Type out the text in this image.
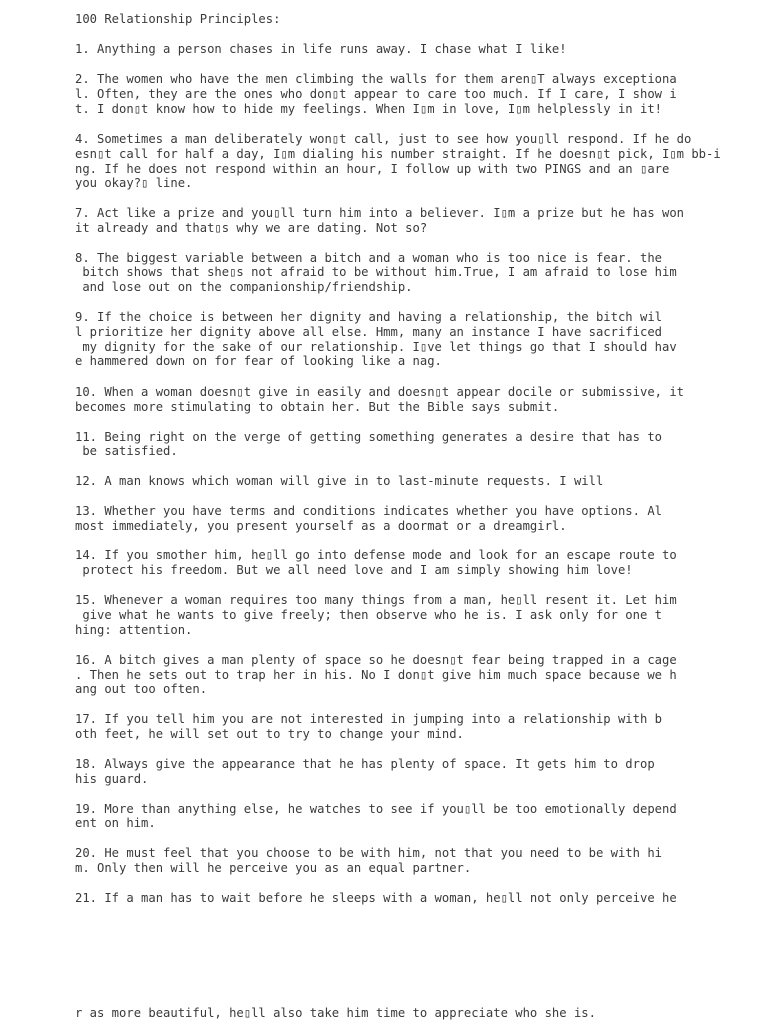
100 Relationship Principles:

1. Anything a person chases in life runs away. I chase what I like!

2. The women who have the men climbing the walls for them aren▯T always exceptiona

l. Often, they are the ones who don▯t appear to care too much. If I care, I show i

t. I don▯t know how to hide my feelings. When I▯m in love, I▯m helplessly in it!

4. Sometimes a man deliberately won▯t call, just to see how you▯ll respond. If he do

esn▯t call for half a day, I▯m dialing his number straight. If he doesn▯t pick, I▯m bb-i

ng. If he does not respond within an hour, I follow up with two PINGS and an ▯are

you okay?▯ line.

7. Act like a prize and you▯ll turn him into a believer. I▯m a prize but he has won

it already and that▯s why we are dating. Not so?

8. The biggest variable between a bitch and a woman who is too nice is fear. the

bitch shows that she▯s not afraid to be without him.True, I am afraid to lose him

and lose out on the companionship/friendship.

9. If the choice is between her dignity and having a relationship, the bitch wil

l prioritize her dignity above all else. Hmm, many an instance I have sacrificed

my dignity for the sake of our relationship. I▯ve let things go that I should hav

e hammered down on for fear of looking like a nag.

10. When a woman doesn▯t give in easily and doesn▯t appear docile or submissive, it

becomes more stimulating to obtain her. But the Bible says submit.

11. Being right on the verge of getting something generates a desire that has to

be satisfied.

12. A man knows which woman will give in to last-minute requests. I will

13. Whether you have terms and conditions indicates whether you have options. Al

most immediately, you present yourself as a doormat or a dreamgirl.

14. If you smother him, he▯ll go into defense mode and look for an escape route to

protect his freedom. But we all need love and I am simply showing him love!

15. Whenever a woman requires too many things from a man, he▯ll resent it. Let him

give what he wants to give freely; then observe who he is. I ask only for one t

hing: attention.

16. A bitch gives a man plenty of space so he doesn▯t fear being trapped in a cage

. Then he sets out to trap her in his. No I don▯t give him much space because we h

ang out too often.

17. If you tell him you are not interested in jumping into a relationship with b

oth feet, he will set out to try to change your mind.

18. Always give the appearance that he has plenty of space. It gets him to drop

his guard.

19. More than anything else, he watches to see if you▯ll be too emotionally depend

ent on him.

20. He must feel that you choose to be with him, not that you need to be with hi

m. Only then will he perceive you as an equal partner.

21. If a man has to wait before he sleeps with a woman, he▯ll not only perceive he

r as more beautiful, he▯ll also take him time to appreciate who she is.
